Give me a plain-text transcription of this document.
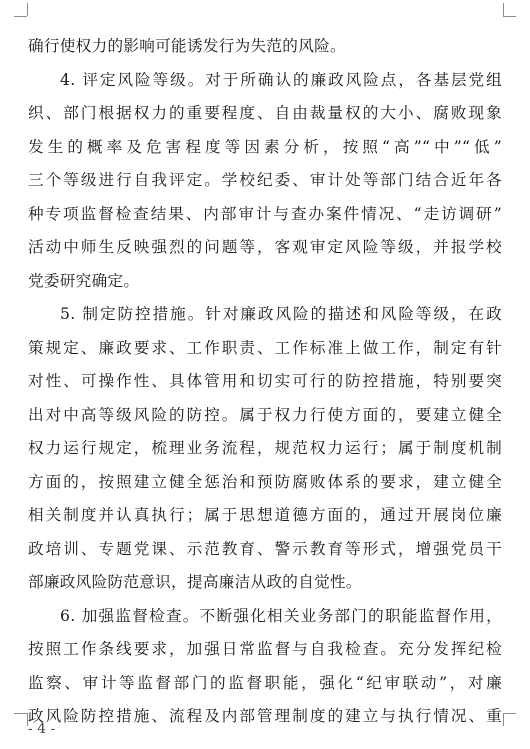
确行使权力的影响可能诱发行为失范的风险。
4. 评定风险等级。对于所确认的廉政风险点，各基层党组
织、部门根据权力的重要程度、自由裁量权的大小、腐败现象
发生的概率及危害程度等因素分析，按照“高”“中”“低”
三个等级进行自我评定。学校纪委、审计处等部门结合近年各
种专项监督检查结果、内部审计与查办案件情况、“走访调研”
活动中师生反映强烈的问题等，客观审定风险等级，并报学校
党委研究确定。
5. 制定防控措施。针对廉政风险的描述和风险等级，在政
策规定、廉政要求、工作职责、工作标准上做工作，制定有针
对性、可操作性、具体管用和切实可行的防控措施，特别要突
出对中高等级风险的防控。属于权力行使方面的，要建立健全
权力运行规定，梳理业务流程，规范权力运行；属于制度机制
方面的，按照建立健全惩治和预防腐败体系的要求，建立健全
相关制度并认真执行；属于思想道德方面的，通过开展岗位廉
政培训、专题党课、示范教育、警示教育等形式，增强党员干
部廉政风险防范意识，提高廉洁从政的自觉性。
6. 加强监督检查。不断强化相关业务部门的职能监督作用，
按照工作条线要求，加强日常监督与自我检查。充分发挥纪检
监察、审计等监督部门的监督职能，强化“纪审联动”，对廉
政风险防控措施、流程及内部管理制度的建立与执行情况、重
- 4 -
